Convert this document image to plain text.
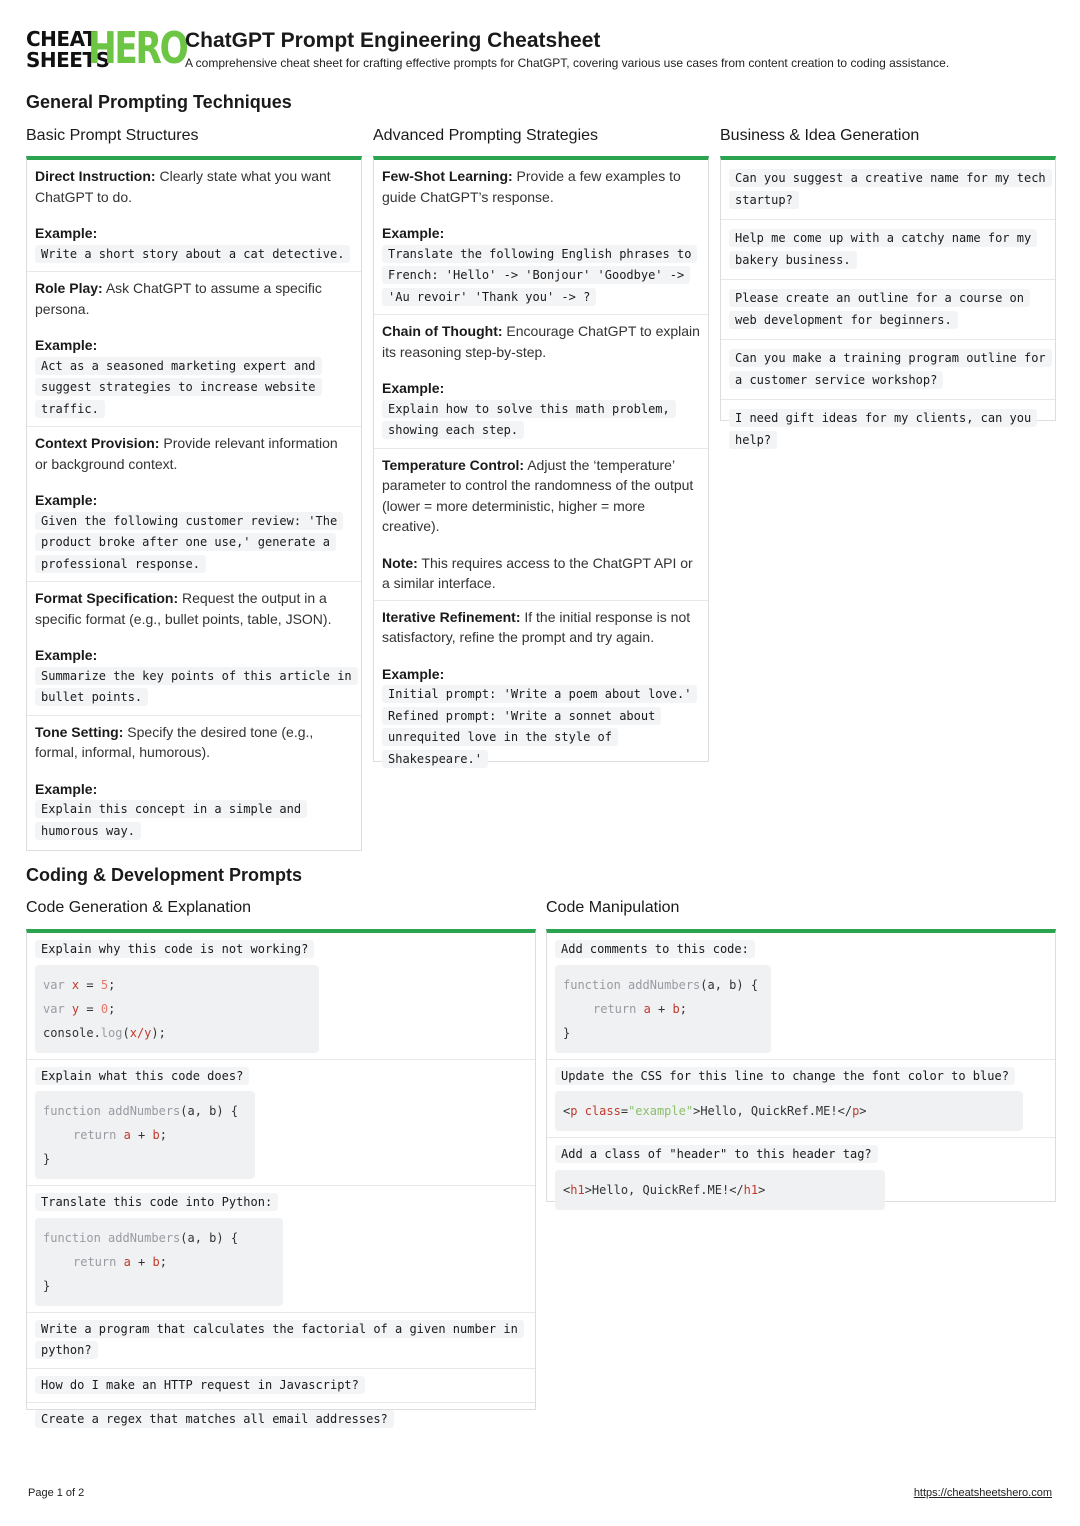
CHEAT
SHEETS
HERO
ChatGPT Prompt Engineering Cheatsheet
A comprehensive cheat sheet for crafting effective prompts for ChatGPT, covering various use cases from content creation to coding assistance.
General Prompting Techniques
Basic Prompt Structures	Advanced Prompting Strategies	Business & Idea Generation
Direct Instruction: Clearly state what you want ChatGPT to do.
Example:
Write a short story about a cat detective.
Role Play: Ask ChatGPT to assume a specific persona.
Example:
Act as a seasoned marketing expert and suggest strategies to increase website traffic.
Context Provision: Provide relevant information or background context.
Example:
Given the following customer review: 'The product broke after one use,' generate a professional response.
Format Specification: Request the output in a specific format (e.g., bullet points, table, JSON).
Example:
Summarize the key points of this article in bullet points.
Tone Setting: Specify the desired tone (e.g., formal, informal, humorous).
Example:
Explain this concept in a simple and humorous way.
Few-Shot Learning: Provide a few examples to guide ChatGPT’s response.
Example:
Translate the following English phrases to French: 'Hello' -> 'Bonjour' 'Goodbye' -> 'Au revoir' 'Thank you' -> ?
Chain of Thought: Encourage ChatGPT to explain its reasoning step-by-step.
Example:
Explain how to solve this math problem, showing each step.
Temperature Control: Adjust the ‘temperature’ parameter to control the randomness of the output (lower = more deterministic, higher = more creative).
Note: This requires access to the ChatGPT API or a similar interface.
Iterative Refinement: If the initial response is not satisfactory, refine the prompt and try again.
Example:
Initial prompt: 'Write a poem about love.' Refined prompt: 'Write a sonnet about unrequited love in the style of Shakespeare.'
Can you suggest a creative name for my tech startup?
Help me come up with a catchy name for my bakery business.
Please create an outline for a course on web development for beginners.
Can you make a training program outline for a customer service workshop?
I need gift ideas for my clients, can you help?
Coding & Development Prompts
Code Generation & Explanation	Code Manipulation
Explain why this code is not working?
var x = 5;
var y = 0;
console.log(x/y);
Explain what this code does?
function addNumbers(a, b) {
return a + b;
}
Translate this code into Python:
function addNumbers(a, b) {
return a + b;
}
Write a program that calculates the factorial of a given number in python?
How do I make an HTTP request in Javascript?
Create a regex that matches all email addresses?
Add comments to this code:
function addNumbers(a, b) {
return a + b;
}
Update the CSS for this line to change the font color to blue?
<p class="example">Hello, QuickRef.ME!</p>
Add a class of "header" to this header tag?
<h1>Hello, QuickRef.ME!</h1>
Page 1 of 2	https://cheatsheetshero.com
